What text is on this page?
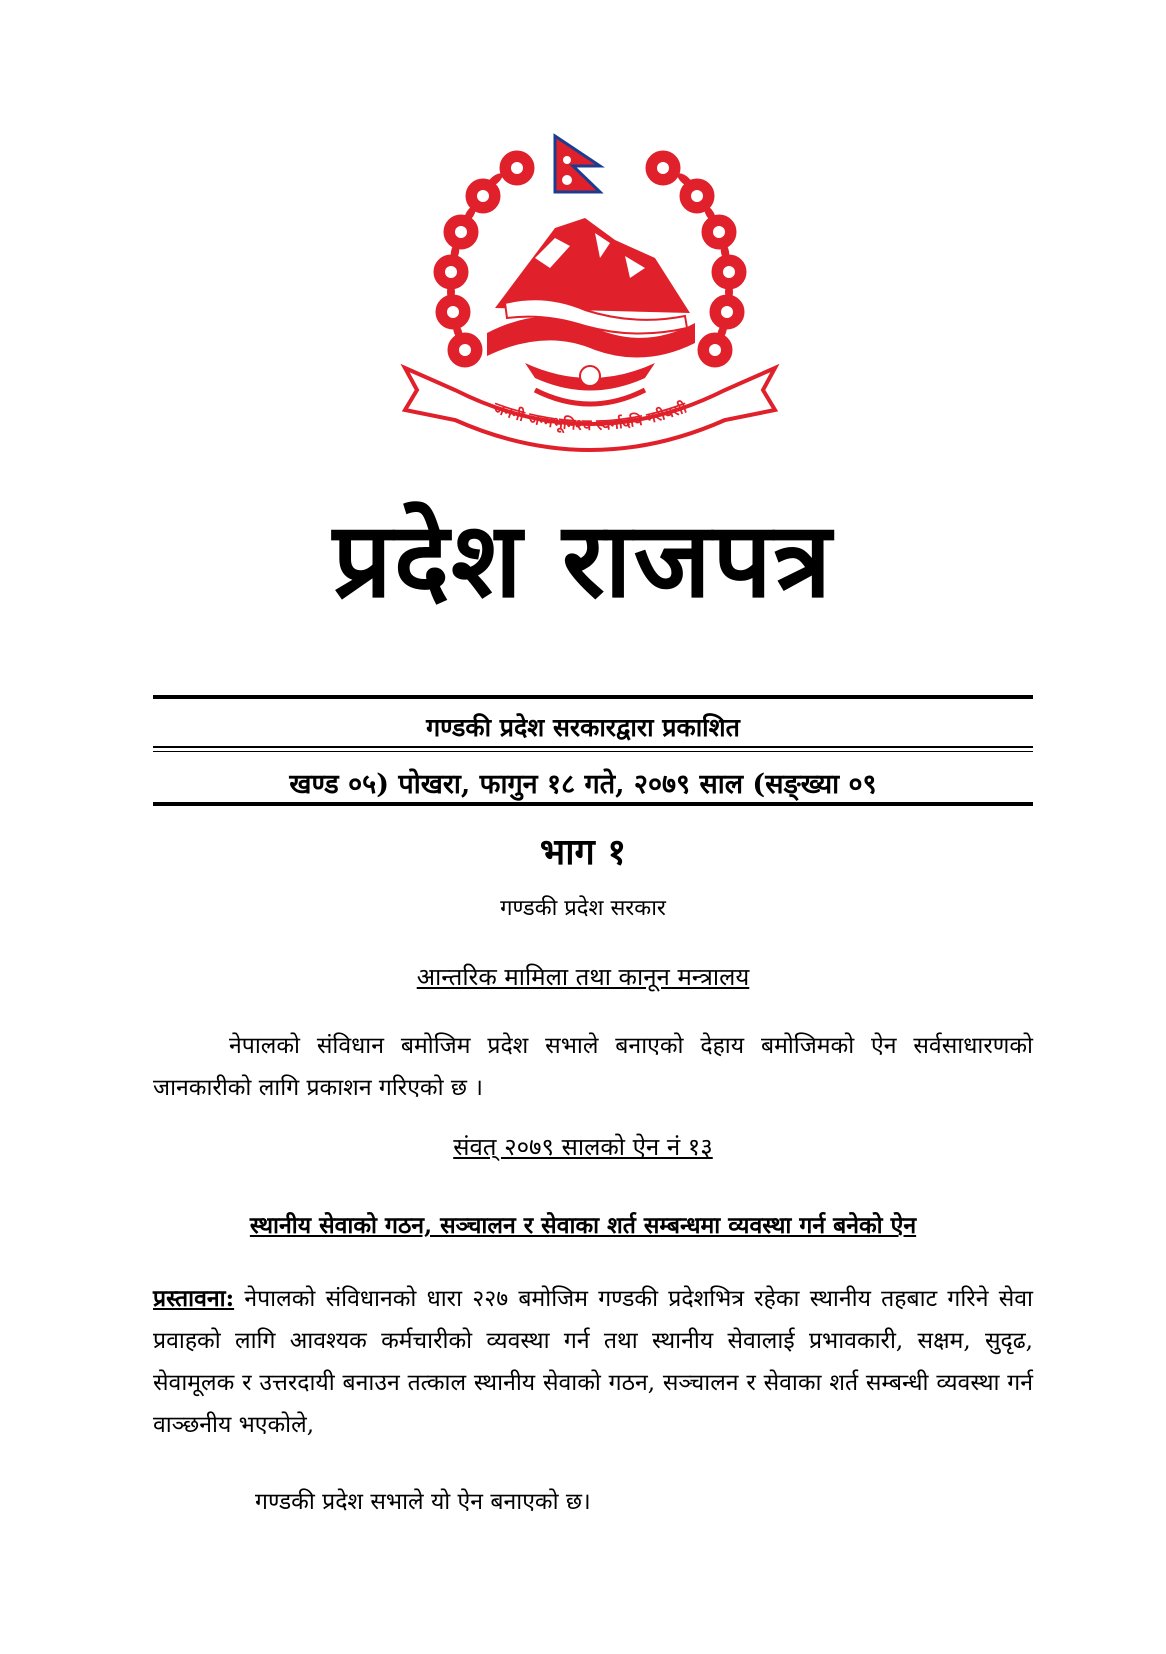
जननी जन्मभूमिश्च स्वर्गादपि गरीयसी
प्रदेश राजपत्र
गण्डकी प्रदेश सरकारद्वारा प्रकाशित
खण्ड ०५) पोखरा, फागुन १८ गते, २०७९ साल (सङ्ख्या ०९
भाग १
गण्डकी प्रदेश सरकार
आन्तरिक मामिला तथा कानून मन्त्रालय
नेपालको संविधान बमोजिम प्रदेश सभाले बनाएको देहाय बमोजिमको ऐन सर्वसाधारणको जानकारीको लागि प्रकाशन गरिएको छ ।
संवत् २०७९ सालको ऐन नं १३
स्थानीय सेवाको गठन, सञ्चालन र सेवाका शर्त सम्बन्धमा व्यवस्था गर्न बनेको ऐन
प्रस्तावना: नेपालको संविधानको धारा २२७ बमोजिम गण्डकी प्रदेशभित्र रहेका स्थानीय तहबाट गरिने सेवा प्रवाहको लागि आवश्यक कर्मचारीको व्यवस्था गर्न तथा स्थानीय सेवालाई प्रभावकारी, सक्षम, सुदृढ, सेवामूलक र उत्तरदायी बनाउन तत्काल स्थानीय सेवाको गठन, सञ्चालन र सेवाका शर्त सम्बन्धी व्यवस्था गर्न वाञ्छनीय भएकोले,
गण्डकी प्रदेश सभाले यो ऐन बनाएको छ।
